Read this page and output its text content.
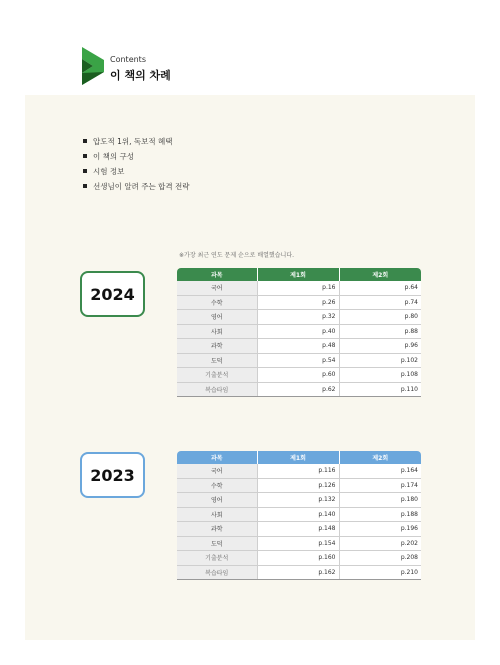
Contents
이 책의 차례
압도적 1위, 독보적 혜택
이 책의 구성
시험 정보
선생님이 알려 주는 합격 전략
※가장 최근 연도 문제 순으로 배열했습니다.
2024
과목	제1회	제2회
국어	p.16	p.64
수학	p.26	p.74
영어	p.32	p.80
사회	p.40	p.88
과학	p.48	p.96
도덕	p.54	p.102
기출분석	p.60	p.108
복습타임	p.62	p.110
2023
과목	제1회	제2회
국어	p.116	p.164
수학	p.126	p.174
영어	p.132	p.180
사회	p.140	p.188
과학	p.148	p.196
도덕	p.154	p.202
기출분석	p.160	p.208
복습타임	p.162	p.210
